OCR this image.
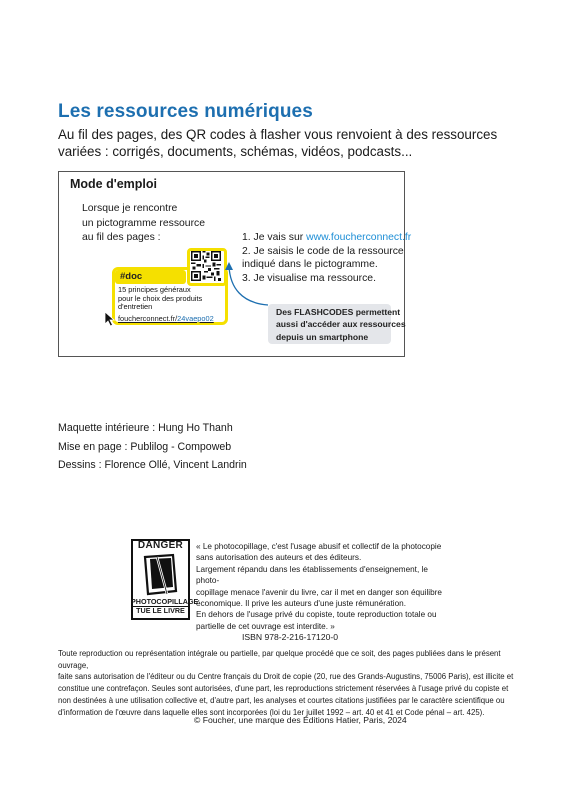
Les ressources numériques
Au fil des pages, des QR codes à flasher vous renvoient à des ressources variées : corrigés, documents, schémas, vidéos, podcasts...
Mode d'emploi
Lorsque je rencontre
un pictogramme ressource
au fil des pages :	1. Je vais sur www.foucherconnect.fr
2. Je saisis le code de la ressource
indiqué dans le pictogramme.
3. Je visualise ma ressource.
#doc
15 principes généraux
pour le choix des produits
d'entretien
foucherconnect.fr/24vaepo02
Des FLASHCODES permettent
aussi d'accéder aux ressources
depuis un smartphone
Maquette intérieure : Hung Ho Thanh
Mise en page : Publilog - Compoweb
Dessins : Florence Ollé, Vincent Landrin
DANGER
PHOTOCOPILLAGE
TUE LE LIVRE
« Le photocopillage, c'est l'usage abusif et collectif de la photocopie
sans autorisation des auteurs et des éditeurs.
Largement répandu dans les établissements d'enseignement, le photo-
copillage menace l'avenir du livre, car il met en danger son équilibre
économique. Il prive les auteurs d'une juste rémunération.
En dehors de l'usage privé du copiste, toute reproduction totale ou
partielle de cet ouvrage est interdite. »
ISBN 978-2-216-17120-0
Toute reproduction ou représentation intégrale ou partielle, par quelque procédé que ce soit, des pages publiées dans le présent ouvrage,
faite sans autorisation de l'éditeur ou du Centre français du Droit de copie (20, rue des Grands-Augustins, 75006 Paris), est illicite et
constitue une contrefaçon. Seules sont autorisées, d'une part, les reproductions strictement réservées à l'usage privé du copiste et
non destinées à une utilisation collective et, d'autre part, les analyses et courtes citations justifiées par le caractère scientifique ou
d'information de l'œuvre dans laquelle elles sont incorporées (loi du 1er juillet 1992 – art. 40 et 41 et Code pénal – art. 425).
© Foucher, une marque des Éditions Hatier, Paris, 2024
